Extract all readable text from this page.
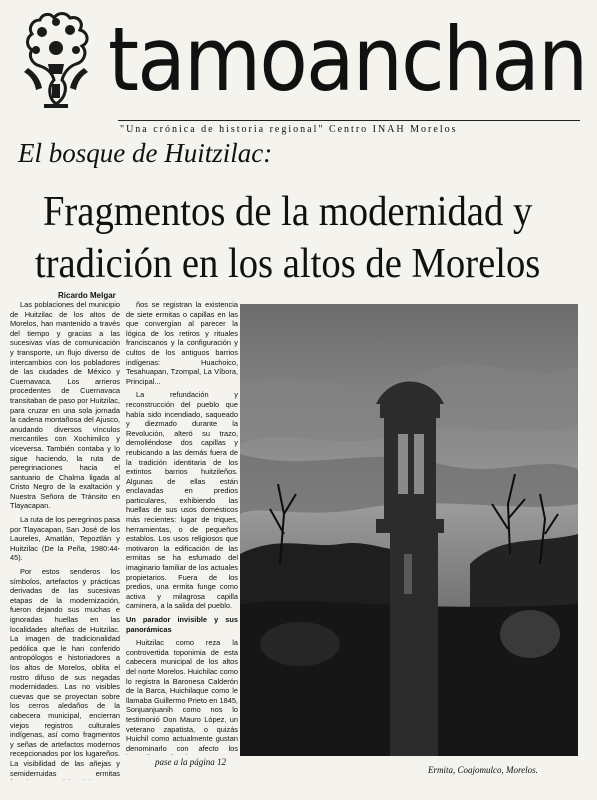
tamoanchan
"Una crónica de historia regional" Centro INAH Morelos
El bosque de Huitzilac:
Fragmentos de la modernidad y tradición en los altos de Morelos
Ricardo Melgar

Las poblaciones del municipio de Huitzilac de los altos de Morelos, han mantenido a través del tiempo y gracias a las sucesivas vías de comunicación y transporte, un flujo diverso de intercambios con los pobladores de las ciudades de México y Cuernavaca. Los arrieros procedentes de Cuernavaca transitaban de paso por Huitzilac, para cruzar en una sola jornada la cadena montañosa del Ajusco, anudando diversos vínculos mercantiles con Xochimilco y viceversa. También contaba y lo sigue haciendo, la ruta de peregrinaciones hacia el santuario de Chalma ligada al Cristo Negro de la exaltación y Nuestra Señora de Tránsito en Tlayacapan.

La ruta de los peregrinos pasa por Tlayacapan, San José de los Laureles, Amatlán, Tepoztlán y Huitzilac (De la Peña, 1980:44-45).

Por estos senderos los símbolos, artefactos y prácticas derivadas de las sucesivas etapas de la modernización, fueron dejando sus muchas e ignoradas huellas en las localidades alteñas de Huitzilac. La imagen de tradicionalidad pedólica que le han conferido antropólogos e historiadores a los altos de Morelos, oblita el rostro difuso de sus negadas modernidades. Las no visibles cuevas que se proyectan sobre los cerros aledaños de la cabecera municipal, encierran viejos registros culturales indígenas, así como fragmentos y señas de artefactos modernos recepcionados por los lugareños. La visibilidad de las añejas y semiderruidas ermitas

ños se registran la existencia de siete ermitas o capillas en las que convergían al parecer la lógica de los retiros y rituales franciscanos y la configuración y cultos de los antiguos barrios indígenas: Huachoico, Tesahuapan, Tzompal, La Víbora, Principal...

La refundación y reconstrucción del pueblo que había sido incendiado, saqueado y diezmado durante la Revolución, alteró su trazo, demoliéndose dos capillas y reubicando a las demás fuera de la tradición identitaria de los extintos barrios huitzileños. Algunas de ellas están enclavadas en predios particulares, exhibiendo las huellas de sus usos domésticos más recientes: lugar de triques, herramientas, o de pequeños establos. Los usos religiosos que motivaron la edificación de las ermitas se ha esfumado del imaginario familiar de los actuales propietarios. Fuera de los predios, una ermita funge como activa y milagrosa capilla caminera, a la salida del pueblo.

Un parador invisible y sus panorámicas

Huitzilac como reza la controvertida toponimia de esta cabecera municipal de los altos del norte Morelos. Huichilac como lo registra la Baronesa Calderón de la Barca, Huichilaque como le llamaba Guillermo Prieto en 1845, Sonjuanjuanih como nos lo testimonió Don Mauro López, un veterano zapatista, o quizás Huichil como actualmente gustan denominarlo con afecto los

pase a la página 12
Ermita, Coajomulco, Morelos.
